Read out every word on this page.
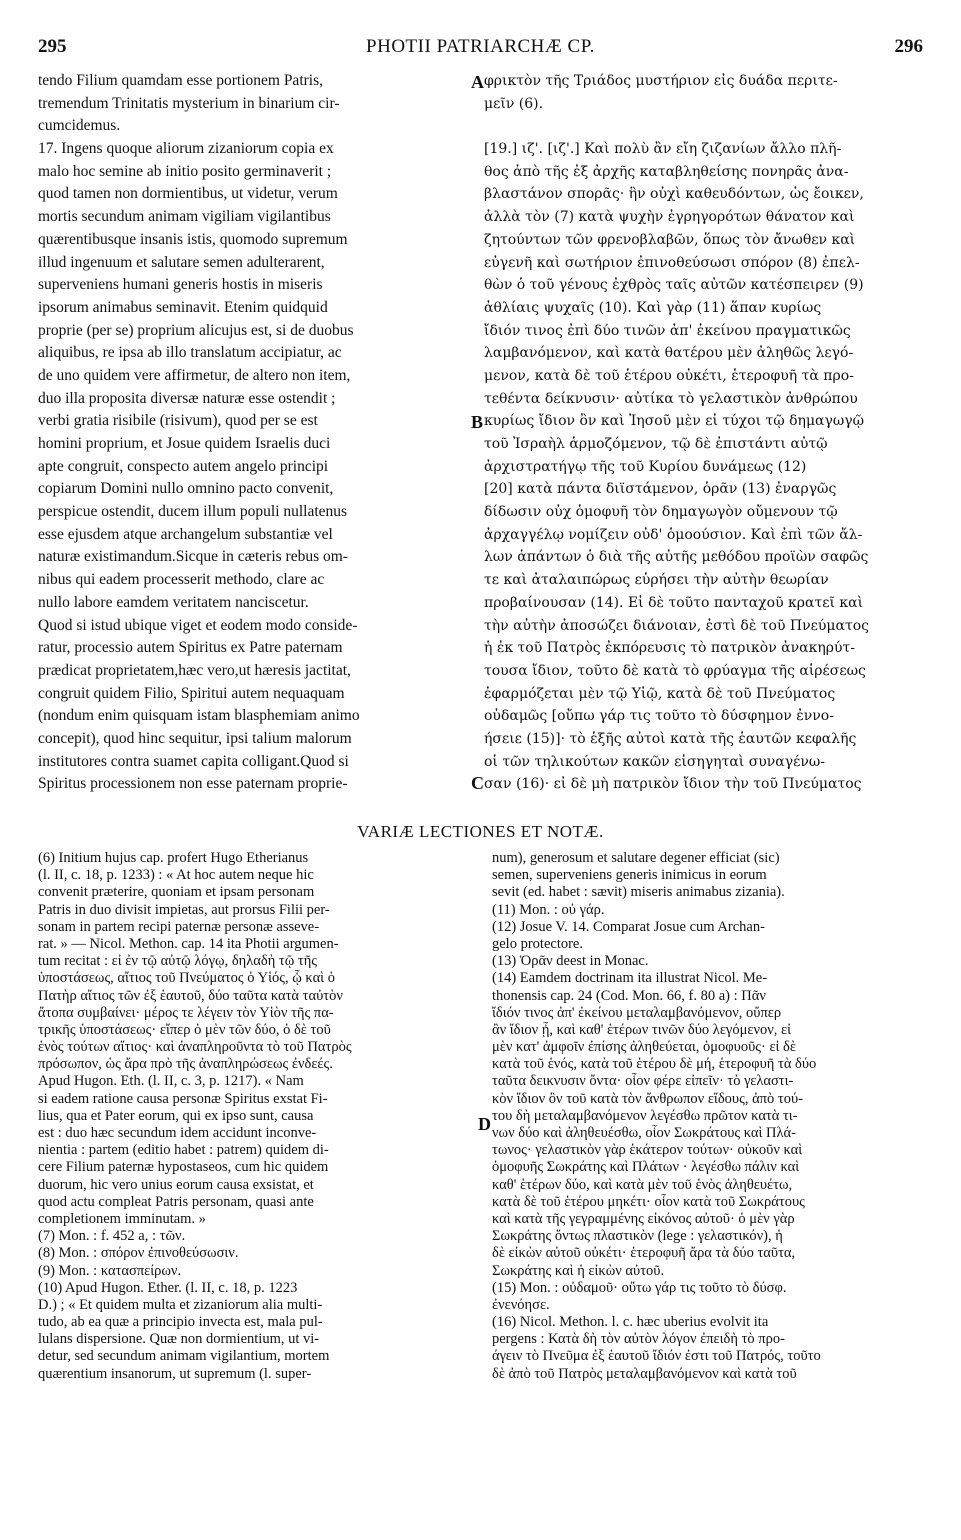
295	PHOTII PATRIARCHÆ CP.	296
tendo Filium quamdam esse portionem Patris,
tremendum Trinitatis mysterium in binarium cir-
cumcidemus.
17. Ingens quoque aliorum zizaniorum copia ex
malo hoc semine ab initio posito germinaverit ;
quod tamen non dormientibus, ut videtur, verum
mortis secundum animam vigiliam vigilantibus
quærentibusque insanis istis, quomodo supremum
illud ingenuum et salutare semen adulterarent,
superveniens humani generis hostis in miseris
ipsorum animabus seminavit. Etenim quidquid
proprie (per se) proprium alicujus est, si de duobus
aliquibus, re ipsa ab illo translatum accipiatur, ac
de uno quidem vere affirmetur, de altero non item,
duo illa proposita diversæ naturæ esse ostendit ;
verbi gratia risibile (risivum), quod per se est
homini proprium, et Josue quidem Israelis duci
apte congruit, conspecto autem angelo principi
copiarum Domini nullo omnino pacto convenit,
perspicue ostendit, ducem illum populi nullatenus
esse ejusdem atque archangelum substantiæ vel
naturæ existimandum.Sicque in cæteris rebus om-
nibus qui eadem processerit methodo, clare ac
nullo labore eamdem veritatem nanciscetur.
Quod si istud ubique viget et eodem modo conside-
ratur, processio autem Spiritus ex Patre paternam
prædicat proprietatem,hæc vero,ut hæresis jactitat,
congruit quidem Filio, Spiritui autem nequaquam
(nondum enim quisquam istam blasphemiam animo
concepit), quod hinc sequitur, ipsi talium malorum
institutores contra suamet capita colligant.Quod si
Spiritus processionem non esse paternam proprie-
φρικτὸν τῆς Τριάδος μυστήριον εἰς δυάδα περιτε-
μεῖν (6).
[19.] ιζ'. [ιζ'.] Καὶ πολὺ ἂν εἴη ζιζανίων ἄλλο πλῆ-
θος ἀπὸ τῆς ἐξ ἀρχῆς καταβληθείσης πονηρᾶς ἀνα-
βλαστάνον σπορᾶς· ἣν οὐχὶ καθευδόντων, ὡς ἔοικεν,
ἀλλὰ τὸν (7) κατὰ ψυχὴν ἐγρηγορότων θάνατον καὶ
ζητούντων τῶν φρενοβλαβῶν, ὅπως τὸν ἄνωθεν καὶ
εὐγενῆ καὶ σωτήριον ἐπινοθεύσωσι σπόρον (8) ἐπελ-
θὼν ὁ τοῦ γένους ἐχθρὸς ταῖς αὐτῶν κατέσπειρεν (9)
ἀθλίαις ψυχαῖς (10). Καὶ γὰρ (11) ἅπαν κυρίως
ἴδιόν τινος ἐπὶ δύο τινῶν ἀπ' ἐκείνου πραγματικῶς
λαμβανόμενον, καὶ κατὰ θατέρου μὲν ἀληθῶς λεγό-
μενον, κατὰ δὲ τοῦ ἑτέρου οὐκέτι, ἑτεροφυῆ τὰ προ-
τεθέντα δείκνυσιν· αὐτίκα τὸ γελαστικὸν ἀνθρώπου
κυρίως ἴδιον ὂν καὶ Ἰησοῦ μὲν εἰ τύχοι τῷ δημαγωγῷ
τοῦ Ἰσραὴλ ἁρμοζόμενον, τῷ δὲ ἐπιστάντι αὐτῷ
ἀρχιστρατήγῳ τῆς τοῦ Κυρίου δυνάμεως (12)
[20] κατὰ πάντα διϊστάμενον, ὁρᾶν (13) ἐναργῶς
δίδωσιν οὐχ ὁμοφυῆ τὸν δημαγωγὸν οὔμενουν τῷ
ἀρχαγγέλῳ νομίζειν οὐδ' ὁμοούσιον. Καὶ ἐπὶ τῶν ἄλ-
λων ἁπάντων ὁ διὰ τῆς αὐτῆς μεθόδου προϊὼν σαφῶς
τε καὶ ἀταλαιπώρως εὑρήσει τὴν αὐτὴν θεωρίαν
προβαίνουσαν (14). Εἰ δὲ τοῦτο πανταχοῦ κρατεῖ καὶ
τὴν αὐτὴν ἀποσώζει διάνοιαν, ἐστὶ δὲ τοῦ Πνεύματος
ἡ ἐκ τοῦ Πατρὸς ἐκπόρευσις τὸ πατρικὸν ἀνακηρύτ-
τουσα ἴδιον, τοῦτο δὲ κατὰ τὸ φρύαγμα τῆς αἱρέσεως
ἐφαρμόζεται μὲν τῷ Υἱῷ, κατὰ δὲ τοῦ Πνεύματος
οὐδαμῶς [οὔπω γάρ τις τοῦτο τὸ δύσφημον ἐννο-
ήσειε (15)]· τὸ ἑξῆς αὐτοὶ κατὰ τῆς ἑαυτῶν κεφαλῆς
οἱ τῶν τηλικούτων κακῶν εἰσηγηταὶ συναγένω-
σαν (16)· εἰ δὲ μὴ πατρικὸν ἴδιον τὴν τοῦ Πνεύματος
A
B
C
D
VARIÆ LECTIONES ET NOTÆ.
(6) Initium hujus cap. profert Hugo Etherianus
(l. II, c. 18, p. 1233) : « At hoc autem neque hic
convenit præterire, quoniam et ipsam personam
Patris in duo divisit impietas, aut prorsus Filii per-
sonam in partem recipi paternæ personæ asseve-
rat. » — Nicol. Methon. cap. 14 ita Photii argumen-
tum recitat : εἰ ἐν τῷ αὐτῷ λόγῳ, δηλαδὴ τῷ τῆς
ὑποστάσεως, αἴτιος τοῦ Πνεύματος ὁ Υἱός, ᾧ καὶ ὁ
Πατὴρ αἴτιος τῶν ἐξ ἑαυτοῦ, δύο ταῦτα κατὰ ταὐτὸν
ἄτοπα συμβαίνει· μέρος τε λέγειν τὸν Υἱὸν τῆς πα-
τρικῆς ὑποστάσεως· εἴπερ ὁ μὲν τῶν δύο, ὁ δὲ τοῦ
ἑνὸς τούτων αἴτιος· καὶ ἀναπληροῦντα τὸ τοῦ Πατρὸς
πρόσωπον, ὡς ἄρα πρὸ τῆς ἀναπληρώσεως ἐνδεές.
Apud Hugon. Eth. (l. II, c. 3, p. 1217). « Nam
si eadem ratione causa personæ Spiritus exstat Fi-
lius, qua et Pater eorum, qui ex ipso sunt, causa
est : duo hæc secundum idem accidunt inconve-
nientia : partem (editio habet : patrem) quidem di-
cere Filium paternæ hypostaseos, cum hic quidem
duorum, hic vero unius eorum causa exsistat, et
quod actu compleat Patris personam, quasi ante
completionem imminutam. »
(7) Mon. : f. 452 a, : τῶν.
(8) Mon. : σπόρον ἐπινοθεύσωσιν.
(9) Mon. : κατασπείρων.
(10) Apud Hugon. Ether. (l. II, c. 18, p. 1223
D.) ; « Et quidem multa et zizaniorum alia multi-
tudo, ab ea quæ a principio invecta est, mala pul-
lulans dispersione. Quæ non dormientium, ut vi-
detur, sed secundum animam vigilantium, mortem
quærentium insanorum, ut supremum (l. super-
num), generosum et salutare degener efficiat (sic)
semen, superveniens generis inimicus in eorum
sevit (ed. habet : sævit) miseris animabus zizania).
(11) Mon. : οὐ γάρ.
(12) Josue V. 14. Comparat Josue cum Archan-
gelo protectore.
(13) Ὁρᾶν deest in Monac.
(14) Eamdem doctrinam ita illustrat Nicol. Me-
thonensis cap. 24 (Cod. Mon. 66, f. 80 a) : Πᾶν
ἴδιόν τινος ἀπ' ἐκείνου μεταλαμβανόμενον, οὔπερ
ἂν ἴδιον ᾖ, καὶ καθ' ἑτέρων τινῶν δύο λεγόμενον, εἰ
μὲν κατ' ἀμφοῖν ἐπίσης ἀληθεύεται, ὁμοφυοῦς· εἰ δὲ
κατὰ τοῦ ἑνός, κατὰ τοῦ ἑτέρου δὲ μή, ἑτεροφυῆ τὰ δύο
ταῦτα δεικνυσιν ὄντα· οἷον φέρε εἰπεῖν· τὸ γελαστι-
κὸν ἴδιον ὂν τοῦ κατὰ τὸν ἄνθρωπον εἴδους, ἀπὸ τού-
του δὴ μεταλαμβανόμενον λεγέσθω πρῶτον κατὰ τι-
νων δύο καὶ ἀληθευέσθω, οἷον Σωκράτους καὶ Πλά-
τωνος· γελαστικὸν γὰρ ἑκάτερον τούτων· οὐκοῦν καὶ
ὁμοφυῆς Σωκράτης καὶ Πλάτων · λεγέσθω πάλιν καὶ
καθ' ἑτέρων δύο, καὶ κατὰ μὲν τοῦ ἑνὸς ἀληθευέτω,
κατὰ δὲ τοῦ ἑτέρου μηκέτι· οἷον κατὰ τοῦ Σωκράτους
καὶ κατὰ τῆς γεγραμμένης εἰκόνος αὐτοῦ· ὁ μὲν γὰρ
Σωκράτης ὄντως πλαστικὸν (lege : γελαστικόν), ἡ
δὲ εἰκὼν αὐτοῦ οὐκέτι· ἑτεροφυῆ ἄρα τὰ δύο ταῦτα,
Σωκράτης καὶ ἡ εἰκὼν αὐτοῦ.
(15) Mon. : οὐδαμοῦ· οὔτω γάρ τις τοῦτο τὸ δύσφ.
ἐνενόησε.
(16) Nicol. Methon. l. c. hæc uberius evolvit ita
pergens : Κατὰ δὴ τὸν αὐτὸν λόγον ἐπειδὴ τὸ προ-
άγειν τὸ Πνεῦμα ἐξ ἑαυτοῦ ἴδιόν ἐστι τοῦ Πατρός, τοῦτο
δὲ ἀπὸ τοῦ Πατρὸς μεταλαμβανόμενον καὶ κατὰ τοῦ
